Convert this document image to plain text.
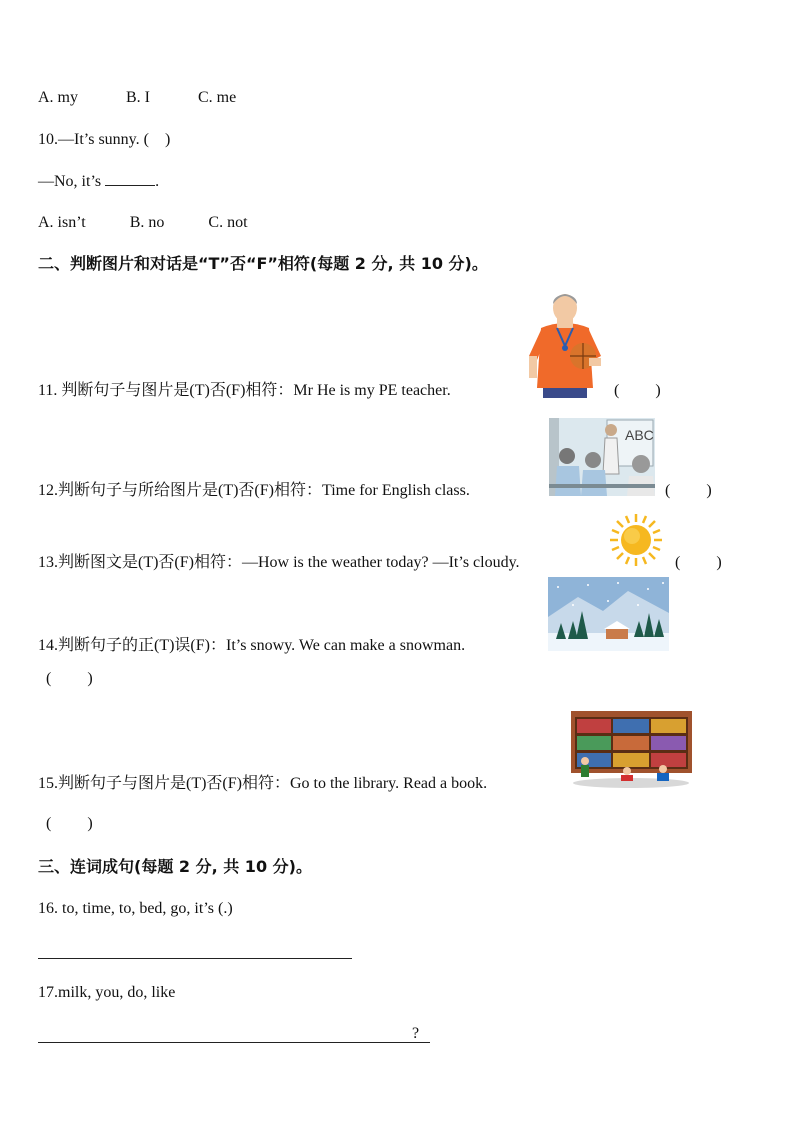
A. my	B. I	C. me
10.—It’s sunny. (    )
—No, it’s	.
A. isn’t	B. no	C. not
二、判断图片和对话是“T”否“F”相符(每题 2 分, 共 10 分)。
11. 判断句子与图片是(T)否(F)相符：Mr He is my PE teacher.	(         )
ABC
12.判断句子与所给图片是(T)否(F)相符：Time for English class.	(         )
13.判断图文是(T)否(F)相符：—How is the weather today? —It’s cloudy.	(         )
14.判断句子的正(T)误(F)：It’s snowy. We can make a snowman.
(         )
15.判断句子与图片是(T)否(F)相符：Go to the library. Read a book.
(         )
三、连词成句(每题 2 分, 共 10 分)。
16. to, time, to, bed, go, it’s (.)
17.milk, you, do, like
?
